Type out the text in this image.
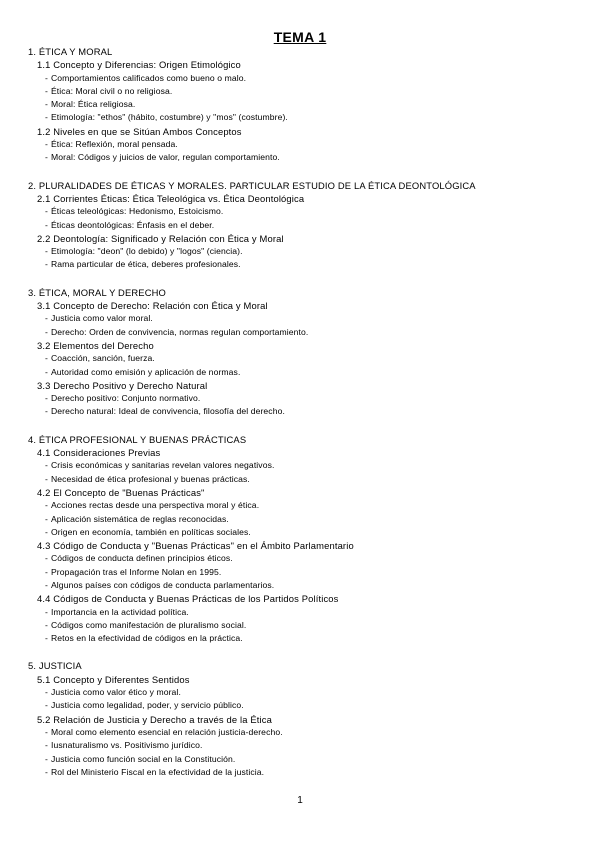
TEMA 1
1. ÉTICA Y MORAL
1.1 Concepto y Diferencias: Origen Etimológico
- Comportamientos calificados como bueno o malo.
- Ética: Moral civil o no religiosa.
- Moral: Ética religiosa.
- Etimología: "ethos" (hábito, costumbre) y "mos" (costumbre).
1.2 Niveles en que se Sitúan Ambos Conceptos
- Ética: Reflexión, moral pensada.
- Moral: Códigos y juicios de valor, regulan comportamiento.
2. PLURALIDADES DE ÉTICAS Y MORALES. PARTICULAR ESTUDIO DE LA ÉTICA DEONTOLÓGICA
2.1 Corrientes Éticas: Ética Teleológica vs. Ética Deontológica
- Éticas teleológicas: Hedonismo, Estoicismo.
- Éticas deontológicas: Énfasis en el deber.
2.2 Deontología: Significado y Relación con Ética y Moral
- Etimología: "deon" (lo debido) y "logos" (ciencia).
- Rama particular de ética, deberes profesionales.
3. ÉTICA, MORAL Y DERECHO
3.1 Concepto de Derecho: Relación con Ética y Moral
- Justicia como valor moral.
- Derecho: Orden de convivencia, normas regulan comportamiento.
3.2 Elementos del Derecho
- Coacción, sanción, fuerza.
- Autoridad como emisión y aplicación de normas.
3.3 Derecho Positivo y Derecho Natural
- Derecho positivo: Conjunto normativo.
- Derecho natural: Ideal de convivencia, filosofía del derecho.
4. ÉTICA PROFESIONAL Y BUENAS PRÁCTICAS
4.1 Consideraciones Previas
- Crisis económicas y sanitarias revelan valores negativos.
- Necesidad de ética profesional y buenas prácticas.
4.2 El Concepto de "Buenas Prácticas"
- Acciones rectas desde una perspectiva moral y ética.
- Aplicación sistemática de reglas reconocidas.
- Origen en economía, también en políticas sociales.
4.3 Código de Conducta y "Buenas Prácticas" en el Ámbito Parlamentario
- Códigos de conducta definen principios éticos.
- Propagación tras el Informe Nolan en 1995.
- Algunos países con códigos de conducta parlamentarios.
4.4 Códigos de Conducta y Buenas Prácticas de los Partidos Políticos
- Importancia en la actividad política.
- Códigos como manifestación de pluralismo social.
- Retos en la efectividad de códigos en la práctica.
5. JUSTICIA
5.1 Concepto y Diferentes Sentidos
- Justicia como valor ético y moral.
- Justicia como legalidad, poder, y servicio público.
5.2 Relación de Justicia y Derecho a través de la Ética
- Moral como elemento esencial en relación justicia-derecho.
- Iusnaturalismo vs. Positivismo jurídico.
- Justicia como función social en la Constitución.
- Rol del Ministerio Fiscal en la efectividad de la justicia.
1
